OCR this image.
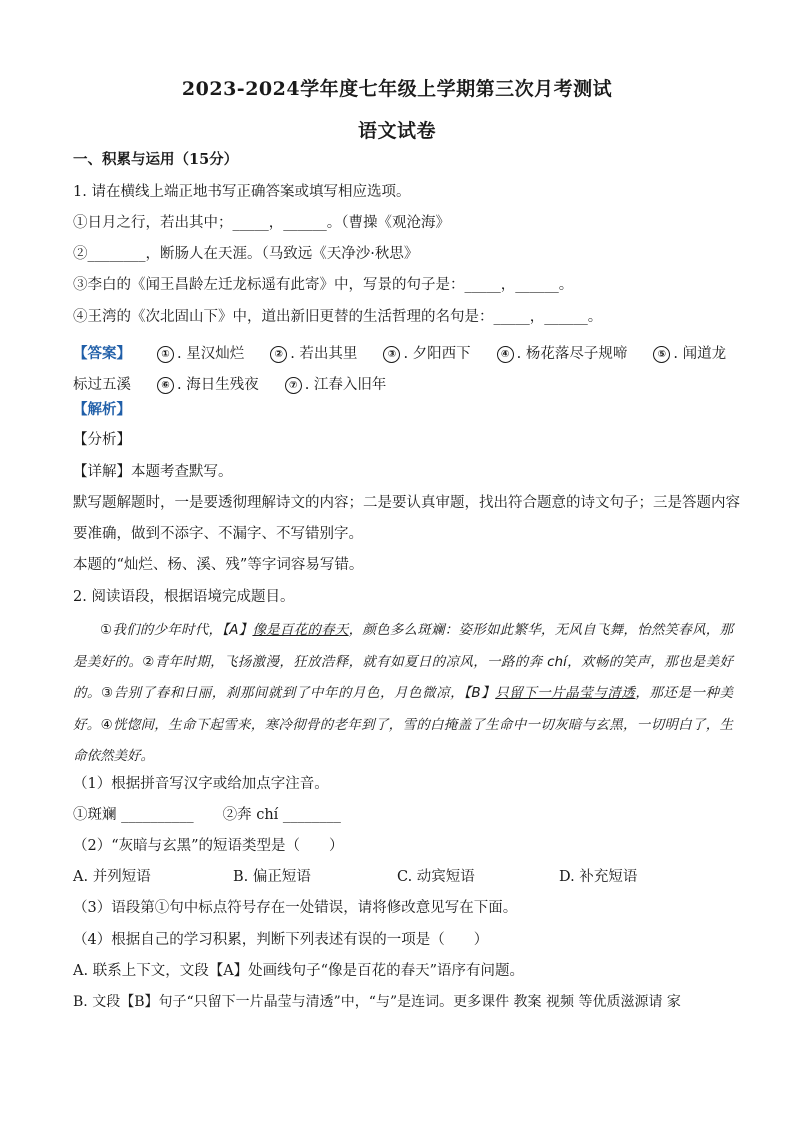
2023-2024学年度七年级上学期第三次月考测试
语文试卷
一、积累与运用（15分）
1. 请在横线上端正地书写正确答案或填写相应选项。
①日月之行，若出其中；_____，______。（曹操《观沧海》
②________，断肠人在天涯。（马致远《天净沙·秋思》
③李白的《闻王昌龄左迁龙标遥有此寄》中，写景的句子是：_____，______。
④王湾的《次北固山下》中，道出新旧更替的生活哲理的名句是：_____，______。
【答案】	① . 星汉灿烂	② . 若出其里	③ . 夕阳西下	④ . 杨花落尽子规啼	⑤ . 闻道龙标过五溪	⑥ . 海日生残夜	⑦ . 江春入旧年
【解析】
【分析】
【详解】本题考查默写。
默写题解题时，一是要透彻理解诗文的内容；二是要认真审题，找出符合题意的诗文句子；三是答题内容
要准确，做到不添字、不漏字、不写错别字。
本题的“灿烂、杨、溪、残”等字词容易写错。
2. 阅读语段，根据语境完成题目。
①我们的少年时代，【A】像是百花的春天，颜色多么斑斓：姿形如此繁华，无风自飞舞，怡然笑春风，那是美好的。②青年时期，飞扬激漫，狂放浩释，就有如夏日的凉风，一路的奔 chí，欢畅的笑声，那也是美好的。③告别了春和日丽，刹那间就到了中年的月色，月色微凉，【B】只留下一片晶莹与清透，那还是一种美好。④恍惚间，生命下起雪来，寒冷彻骨的老年到了，雪的白掩盖了生命中一切灰暗与玄黑，一切明白了，生命依然美好。
（1）根据拼音写汉字或给加点字注音。
①斑斓 __________　　②奔 chí ________
（2）“灰暗与玄黑”的短语类型是（　　）
A. 并列短语	B. 偏正短语	C. 动宾短语	D. 补充短语
（3）语段第①句中标点符号存在一处错误，请将修改意见写在下面。
（4）根据自己的学习积累，判断下列表述有误的一项是（　　）
A. 联系上下文，文段【A】处画线句子“像是百花的春天”语序有问题。
B. 文段【B】句子“只留下一片晶莹与清透”中，“与”是连词。更多课件 教案 视频 等优质滋源请 家
